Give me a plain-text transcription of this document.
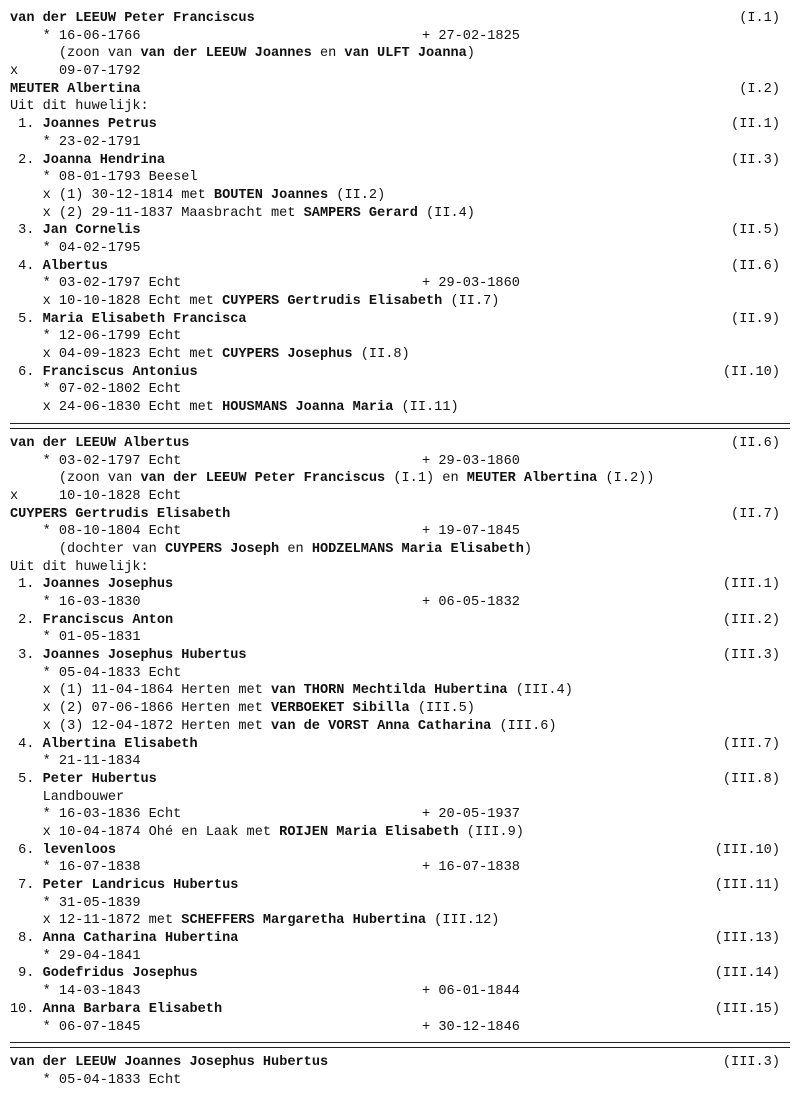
van der LEEUW Peter Franciscus	(I.1)
* 16-06-1766	+ 27-02-1825
(zoon van van der LEEUW Joannes en van ULFT Joanna)
x     09-07-1792
MEUTER Albertina	(I.2)
Uit dit huwelijk:
1. Joannes Petrus	(II.1)
* 23-02-1791
2. Joanna Hendrina	(II.3)
* 08-01-1793 Beesel
x (1) 30-12-1814 met BOUTEN Joannes (II.2)
x (2) 29-11-1837 Maasbracht met SAMPERS Gerard (II.4)
3. Jan Cornelis	(II.5)
* 04-02-1795
4. Albertus	(II.6)
* 03-02-1797 Echt	+ 29-03-1860
x 10-10-1828 Echt met CUYPERS Gertrudis Elisabeth (II.7)
5. Maria Elisabeth Francisca	(II.9)
* 12-06-1799 Echt
x 04-09-1823 Echt met CUYPERS Josephus (II.8)
6. Franciscus Antonius	(II.10)
* 07-02-1802 Echt
x 24-06-1830 Echt met HOUSMANS Joanna Maria (II.11)
van der LEEUW Albertus	(II.6)
* 03-02-1797 Echt	+ 29-03-1860
(zoon van van der LEEUW Peter Franciscus (I.1) en MEUTER Albertina (I.2))
x     10-10-1828 Echt
CUYPERS Gertrudis Elisabeth	(II.7)
* 08-10-1804 Echt	+ 19-07-1845
(dochter van CUYPERS Joseph en HODZELMANS Maria Elisabeth)
Uit dit huwelijk:
1. Joannes Josephus	(III.1)
* 16-03-1830	+ 06-05-1832
2. Franciscus Anton	(III.2)
* 01-05-1831
3. Joannes Josephus Hubertus	(III.3)
* 05-04-1833 Echt
x (1) 11-04-1864 Herten met van THORN Mechtilda Hubertina (III.4)
x (2) 07-06-1866 Herten met VERBOEKET Sibilla (III.5)
x (3) 12-04-1872 Herten met van de VORST Anna Catharina (III.6)
4. Albertina Elisabeth	(III.7)
* 21-11-1834
5. Peter Hubertus	(III.8)
Landbouwer
* 16-03-1836 Echt	+ 20-05-1937
x 10-04-1874 Ohé en Laak met ROIJEN Maria Elisabeth (III.9)
6. levenloos	(III.10)
* 16-07-1838	+ 16-07-1838
7. Peter Landricus Hubertus	(III.11)
* 31-05-1839
x 12-11-1872 met SCHEFFERS Margaretha Hubertina (III.12)
8. Anna Catharina Hubertina	(III.13)
* 29-04-1841
9. Godefridus Josephus	(III.14)
* 14-03-1843	+ 06-01-1844
10. Anna Barbara Elisabeth	(III.15)
* 06-07-1845	+ 30-12-1846
van der LEEUW Joannes Josephus Hubertus	(III.3)
* 05-04-1833 Echt
